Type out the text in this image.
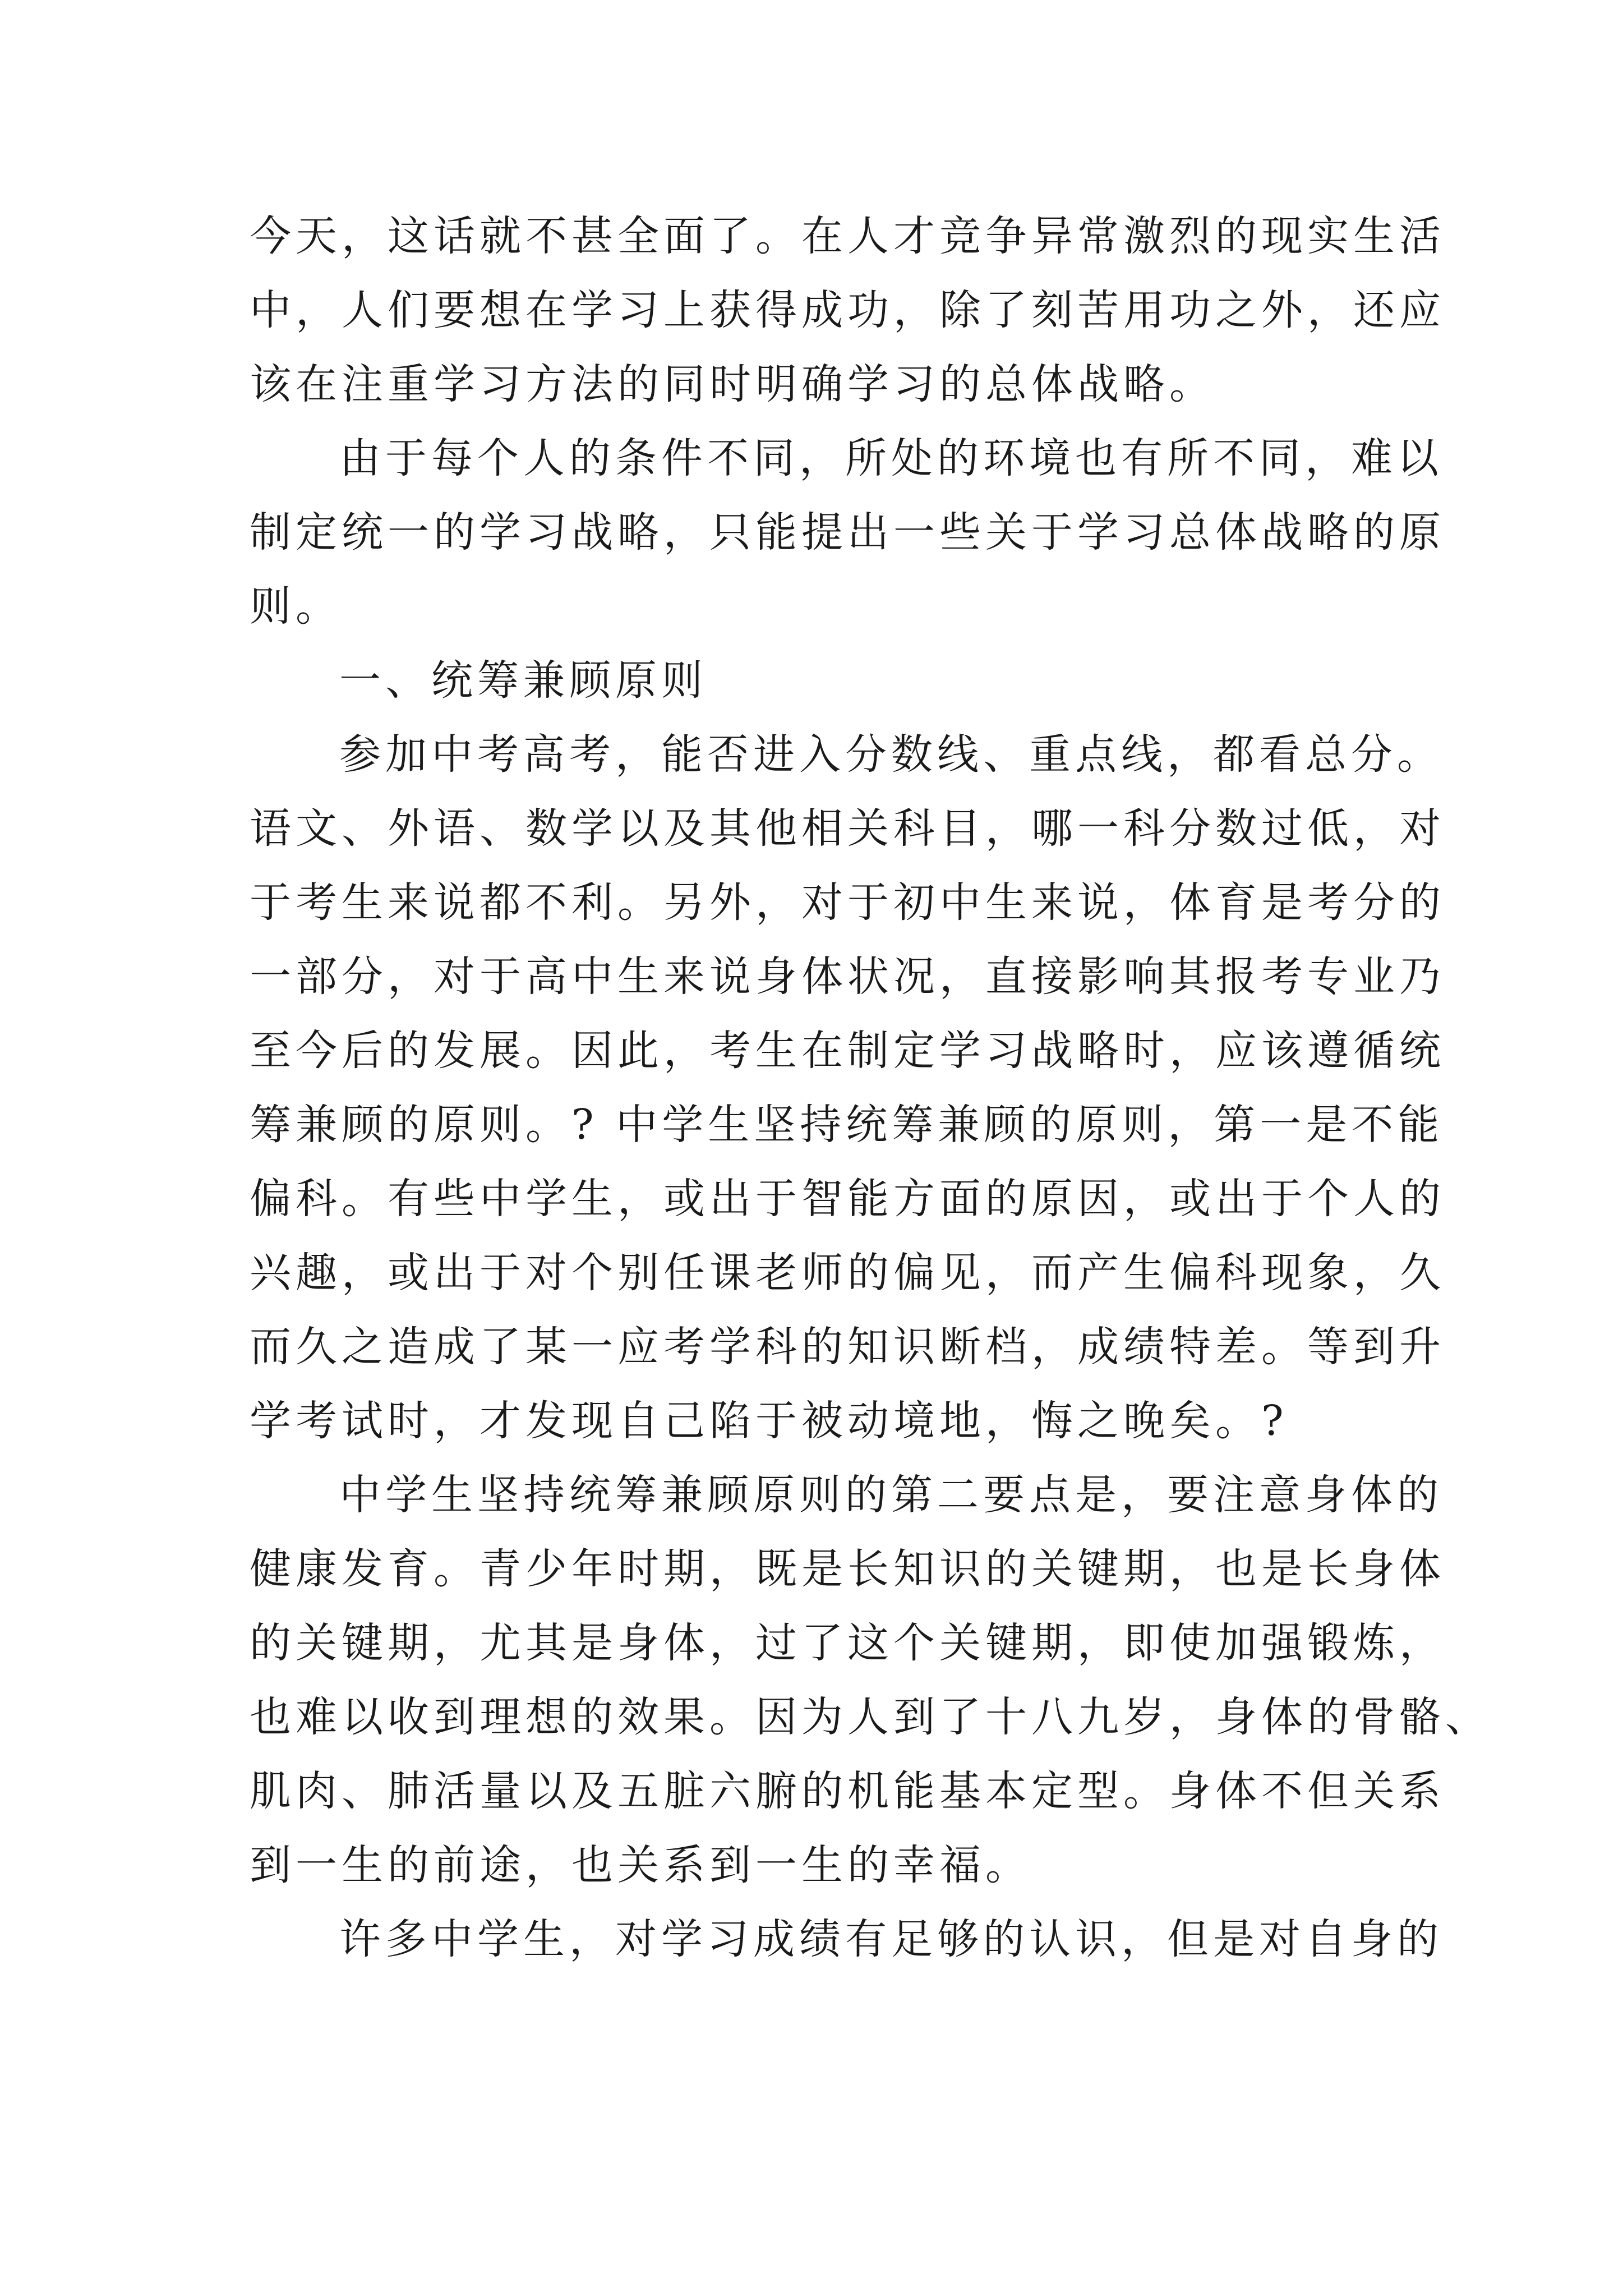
今天，这话就不甚全面了。在人才竞争异常激烈的现实生活
中，人们要想在学习上获得成功，除了刻苦用功之外，还应
该在注重学习方法的同时明确学习的总体战略。
由于每个人的条件不同，所处的环境也有所不同，难以
制定统一的学习战略，只能提出一些关于学习总体战略的原
则。
一、统筹兼顾原则
参加中考高考，能否进入分数线、重点线，都看总分。
语文、外语、数学以及其他相关科目，哪一科分数过低，对
于考生来说都不利。另外，对于初中生来说，体育是考分的
一部分，对于高中生来说身体状况，直接影响其报考专业乃
至今后的发展。因此，考生在制定学习战略时，应该遵循统
筹兼顾的原则。? 中学生坚持统筹兼顾的原则，第一是不能
偏科。有些中学生，或出于智能方面的原因，或出于个人的
兴趣，或出于对个别任课老师的偏见，而产生偏科现象，久
而久之造成了某一应考学科的知识断档，成绩特差。等到升
学考试时，才发现自己陷于被动境地，悔之晚矣。?
中学生坚持统筹兼顾原则的第二要点是，要注意身体的
健康发育。青少年时期，既是长知识的关键期，也是长身体
的关键期，尤其是身体，过了这个关键期，即使加强锻炼，
也难以收到理想的效果。因为人到了十八九岁，身体的骨骼、
肌肉、肺活量以及五脏六腑的机能基本定型。身体不但关系
到一生的前途，也关系到一生的幸福。
许多中学生，对学习成绩有足够的认识，但是对自身的
